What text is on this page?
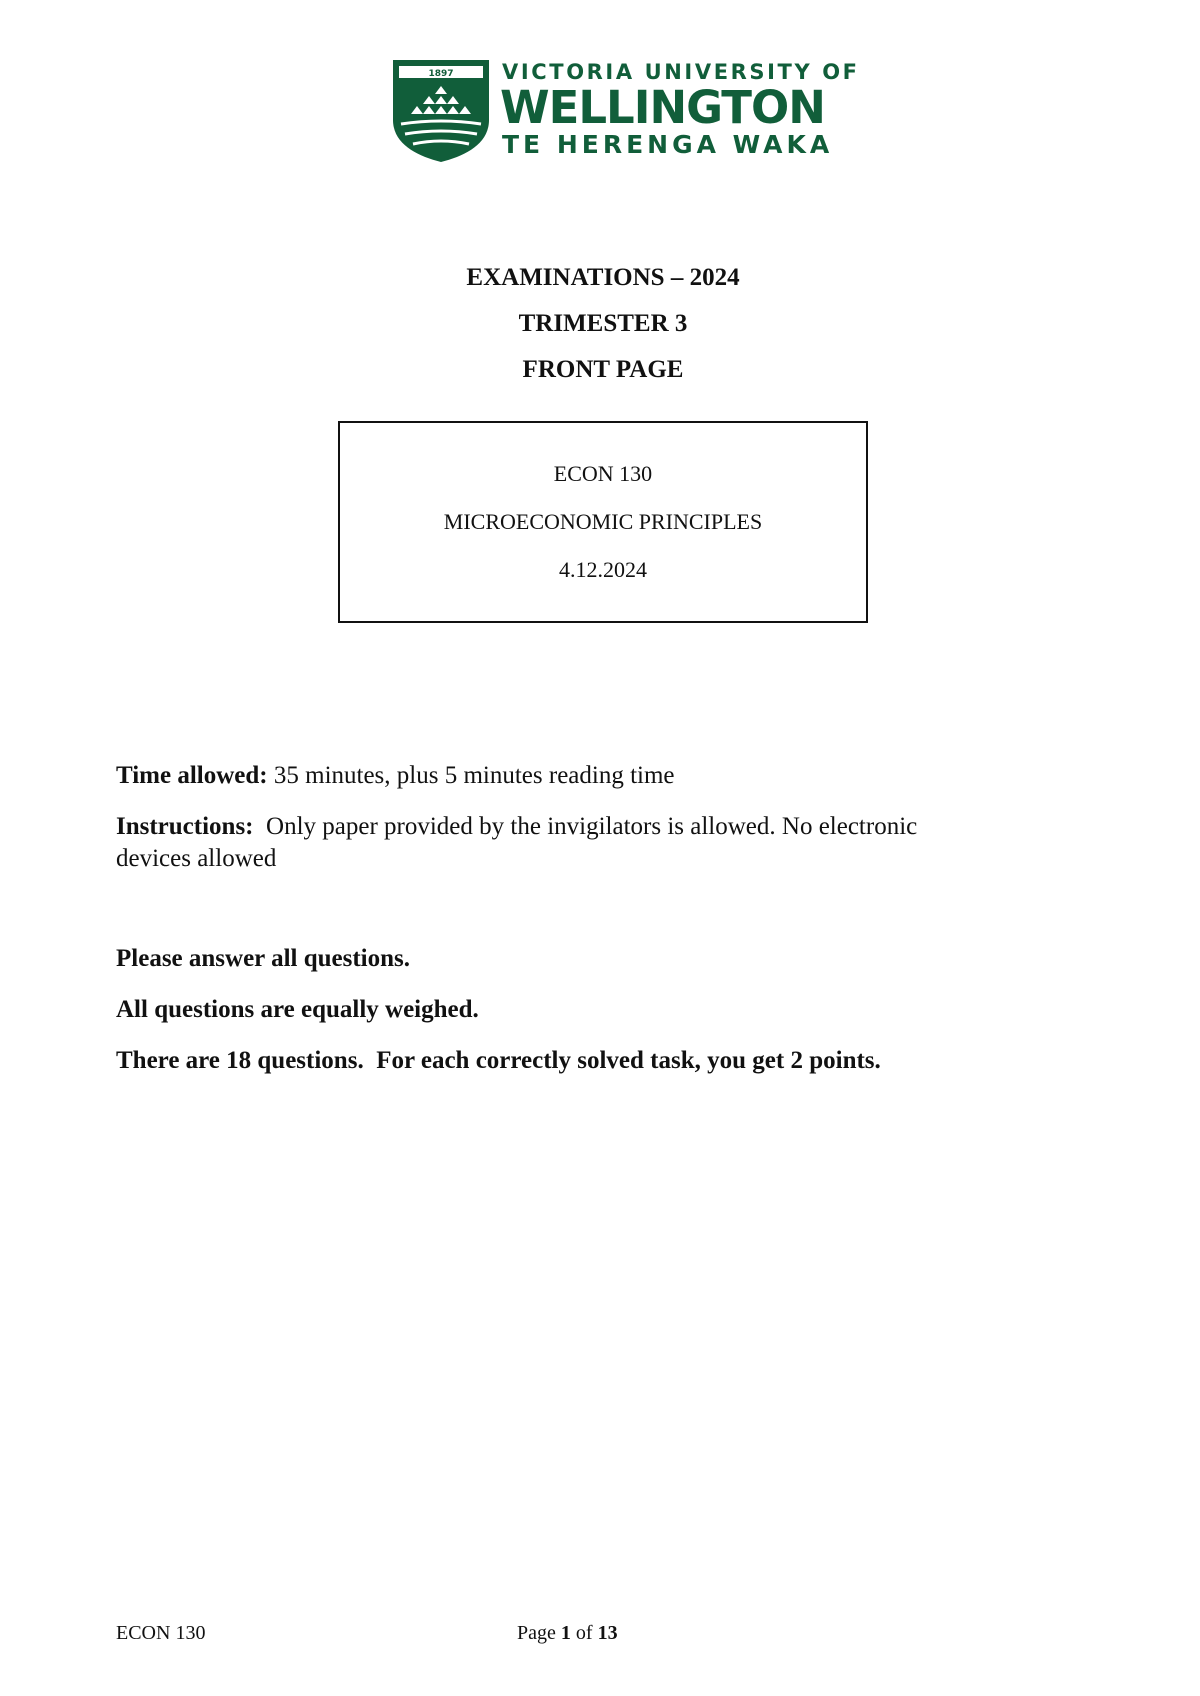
1897 VICTORIA UNIVERSITY OF
WELLINGTON
TE HERENGA WAKA
EXAMINATIONS – 2024
TRIMESTER 3
FRONT PAGE
ECON 130
MICROECONOMIC PRINCIPLES
4.12.2024
Time allowed: 35 minutes, plus 5 minutes reading time
Instructions:  Only paper provided by the invigilators is allowed. No electronic
devices allowed
Please answer all questions.
All questions are equally weighed.
There are 18 questions.  For each correctly solved task, you get 2 points.
ECON 130	Page 1 of 13
